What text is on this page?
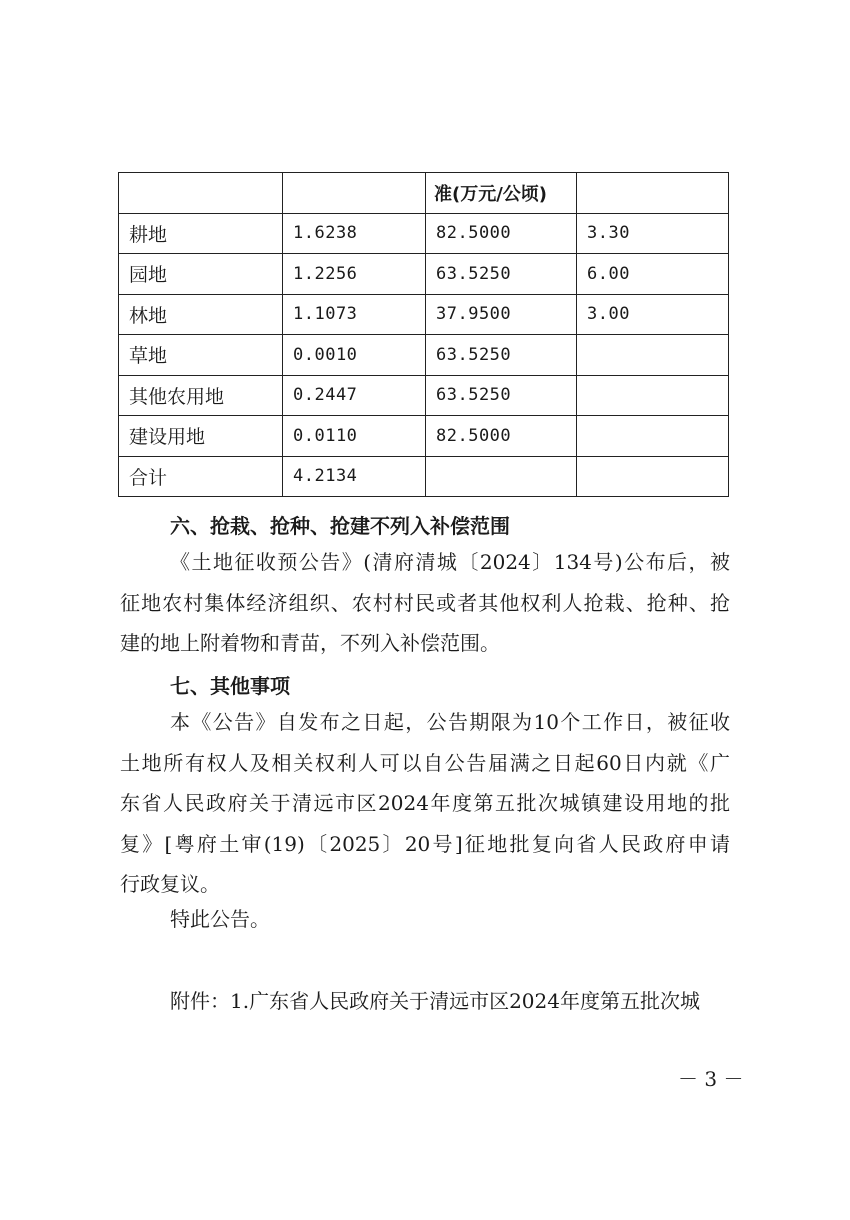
		准(万元/公顷)	
耕地	1.6238	82.5000	3.30
园地	1.2256	63.5250	6.00
林地	1.1073	37.9500	3.00
草地	0.0010	63.5250	
其他农用地	0.2447	63.5250	
建设用地	0.0110	82.5000	
合计	4.2134		

六、抢栽、抢种、抢建不列入补偿范围

《土地征收预公告》(清府清城〔2024〕134号)公布后，被
征地农村集体经济组织、农村村民或者其他权利人抢栽、抢种、抢
建的地上附着物和青苗，不列入补偿范围。

七、其他事项

本《公告》自发布之日起，公告期限为10个工作日，被征收
土地所有权人及相关权利人可以自公告届满之日起60日内就《广
东省人民政府关于清远市区2024年度第五批次城镇建设用地的批
复》[粤府土审(19)〔2025〕20号]征地批复向省人民政府申请
行政复议。

特此公告。

附件：1.广东省人民政府关于清远市区2024年度第五批次城

－ 3 －
